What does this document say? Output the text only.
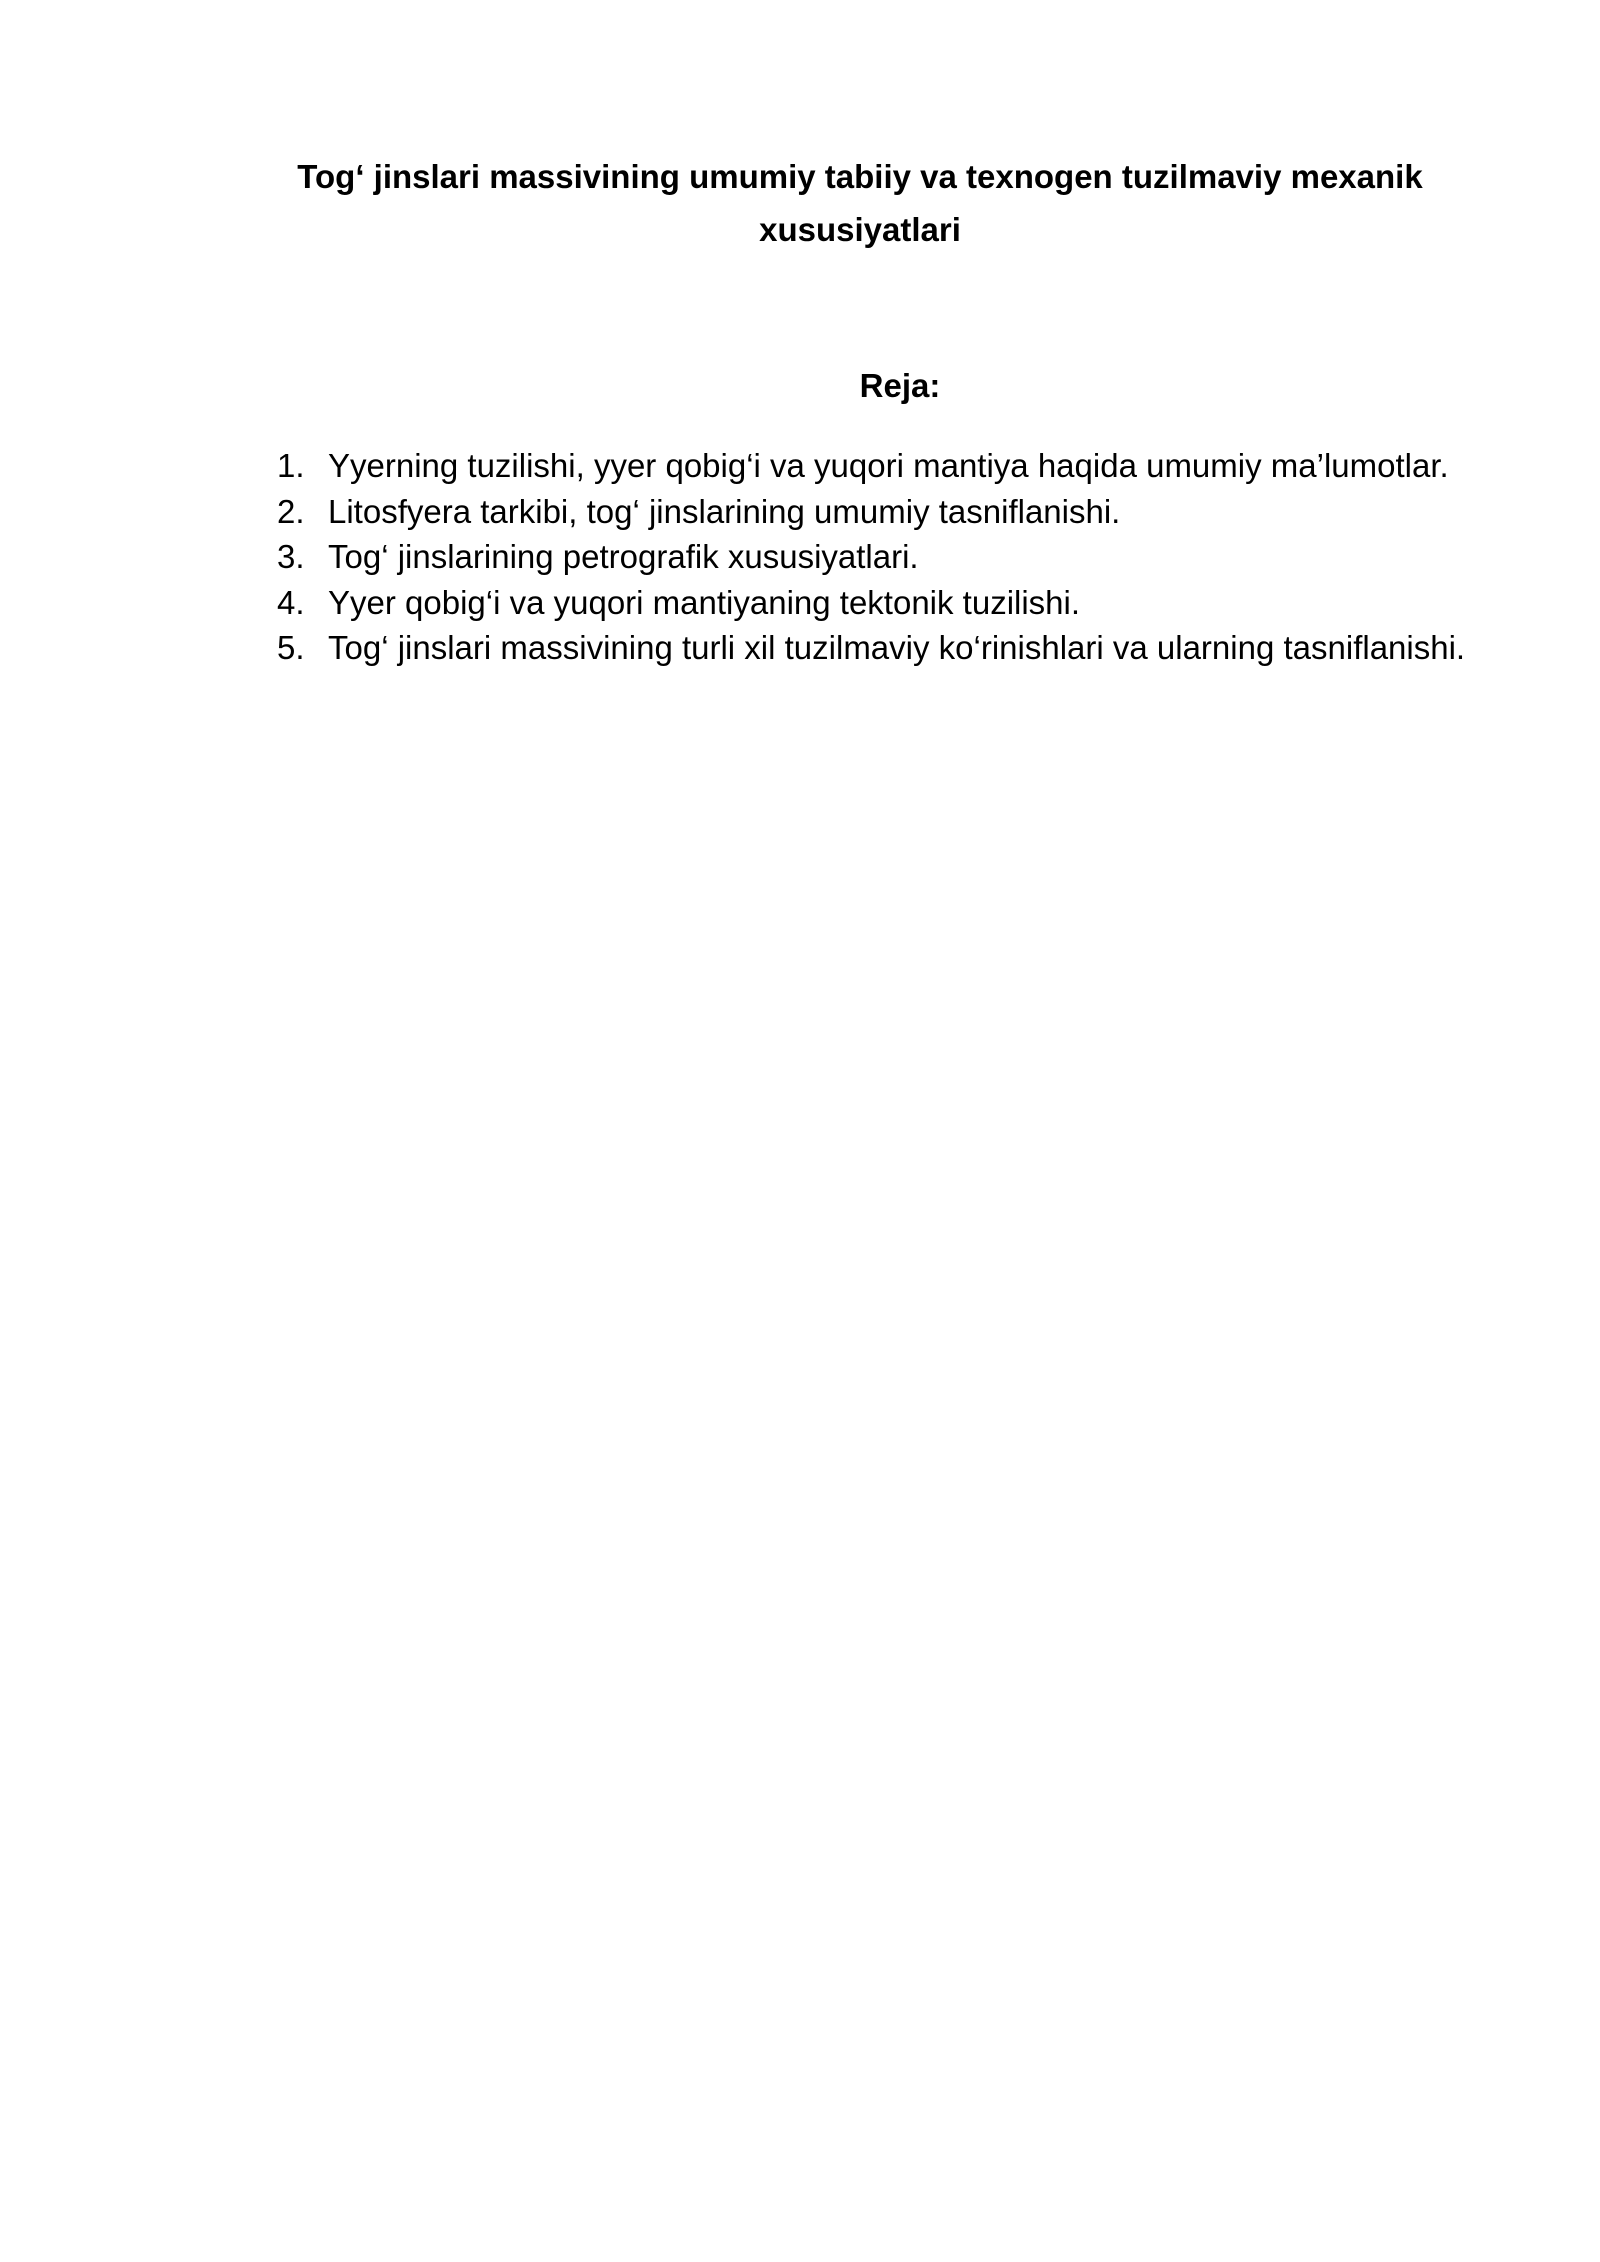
Tog‘ jinslari massivining umumiy tabiiy va texnogen tuzilmaviy mexanik xususiyatlari
Reja:
1. Yyerning tuzilishi, yyer qobig‘i va yuqori mantiya haqida umumiy ma’lumotlar.
2. Litosfyera tarkibi, tog‘ jinslarining umumiy tasniflanishi.
3. Tog‘ jinslarining petrografik xususiyatlari.
4. Yyer qobig‘i va yuqori mantiyaning tektonik tuzilishi.
5. Tog‘ jinslari massivining turli xil tuzilmaviy ko‘rinishlari va ularning tasniflanishi.
